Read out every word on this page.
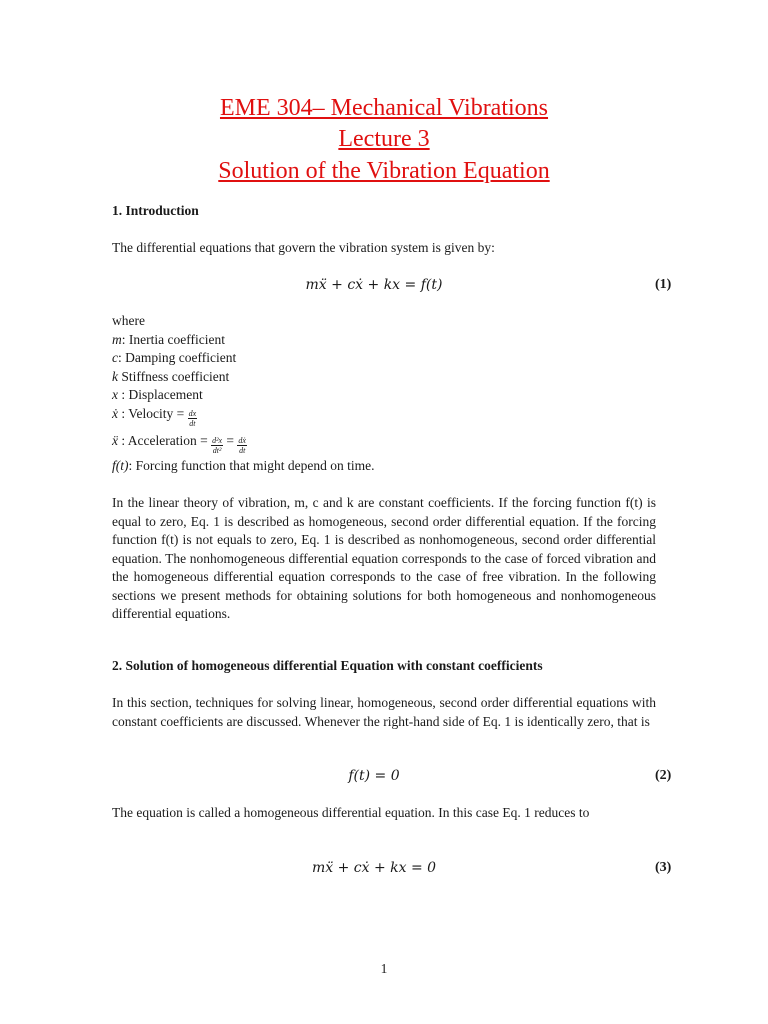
EME 304– Mechanical Vibrations
Lecture 3
Solution of the Vibration Equation
1. Introduction

The differential equations that govern the vibration system is given by:

mẍ + cẋ + kx = f(t)	(1)
where
m: Inertia coefficient
c: Damping coefficient
k Stiffness coefficient
x : Displacement
ẋ : Velocity = $\frac{dx}{dt}$
ẍ : Acceleration = $\frac{\text{d²x}}{\text{dt²}} = \frac{\text{dẋ}}{dt}$
f(t): Forcing function that might depend on time.

In the linear theory of vibration, m, c and k are constant coefficients. If the forcing function f(t) is equal to zero, Eq. 1 is described as homogeneous, second order differential equation. If the forcing function f(t) is not equals to zero, Eq. 1 is described as nonhomogeneous, second order differential equation. The nonhomogeneous differential equation corresponds to the case of forced vibration and the homogeneous differential equation corresponds to the case of free vibration. In the following sections we present methods for obtaining solutions for both homogeneous and nonhomogeneous differential equations.

2. Solution of homogeneous differential Equation with constant coefficients

In this section, techniques for solving linear, homogeneous, second order differential equations with constant coefficients are discussed. Whenever the right-hand side of Eq. 1 is identically zero, that is

f(t) = 0	(2)

The equation is called a homogeneous differential equation. In this case Eq. 1 reduces to

mẍ + cẋ + kx = 0	(3)
1
